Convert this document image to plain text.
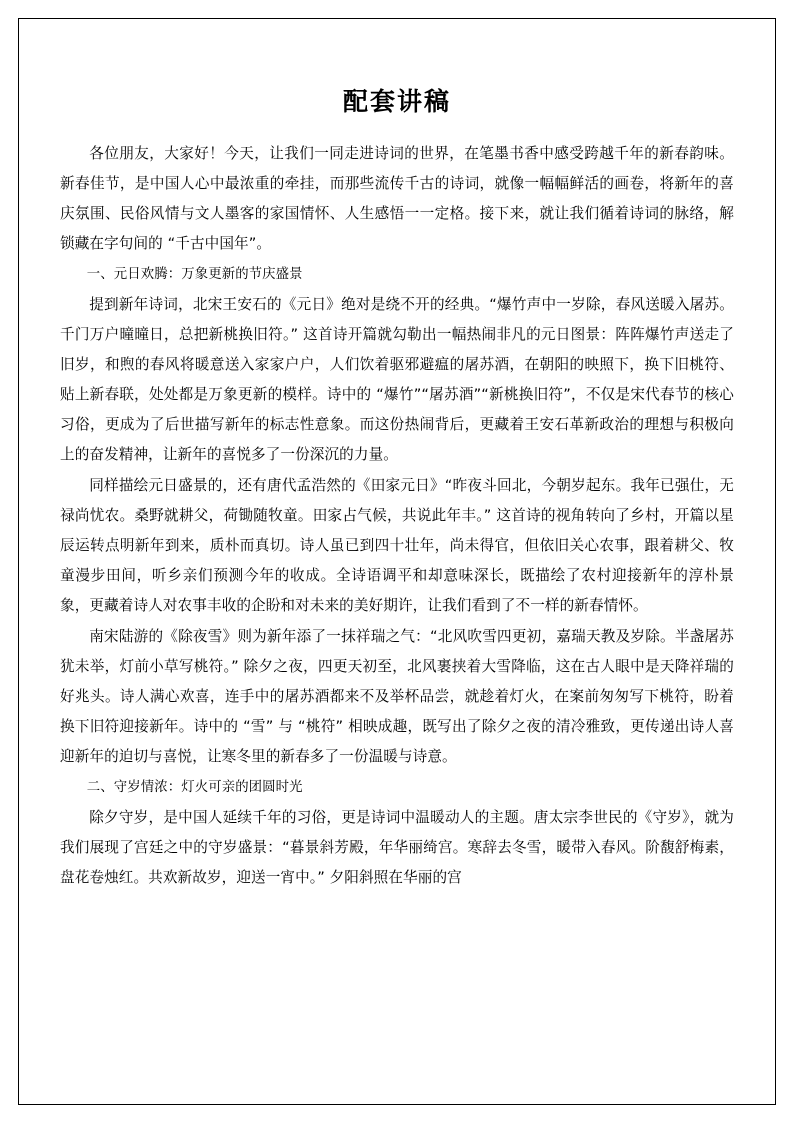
配套讲稿

各位朋友，大家好！今天，让我们一同走进诗词的世界，在笔墨书香中感受跨越千年的新春韵味。新春佳节，是中国人心中最浓重的牵挂，而那些流传千古的诗词，就像一幅幅鲜活的画卷，将新年的喜庆氛围、民俗风情与文人墨客的家国情怀、人生感悟一一定格。接下来，就让我们循着诗词的脉络，解锁藏在字句间的 “千古中国年”。

一、元日欢腾：万象更新的节庆盛景

提到新年诗词，北宋王安石的《元日》绝对是绕不开的经典。“爆竹声中一岁除，春风送暖入屠苏。千门万户曈曈日，总把新桃换旧符。” 这首诗开篇就勾勒出一幅热闹非凡的元日图景：阵阵爆竹声送走了旧岁，和煦的春风将暖意送入家家户户，人们饮着驱邪避瘟的屠苏酒，在朝阳的映照下，换下旧桃符、贴上新春联，处处都是万象更新的模样。诗中的 “爆竹”“屠苏酒”“新桃换旧符”，不仅是宋代春节的核心习俗，更成为了后世描写新年的标志性意象。而这份热闹背后，更藏着王安石革新政治的理想与积极向上的奋发精神，让新年的喜悦多了一份深沉的力量。

同样描绘元日盛景的，还有唐代孟浩然的《田家元日》“昨夜斗回北，今朝岁起东。我年已强仕，无禄尚忧农。桑野就耕父，荷锄随牧童。田家占气候，共说此年丰。” 这首诗的视角转向了乡村，开篇以星辰运转点明新年到来，质朴而真切。诗人虽已到四十壮年，尚未得官，但依旧关心农事，跟着耕父、牧童漫步田间，听乡亲们预测今年的收成。全诗语调平和却意味深长，既描绘了农村迎接新年的淳朴景象，更藏着诗人对农事丰收的企盼和对未来的美好期许，让我们看到了不一样的新春情怀。

南宋陆游的《除夜雪》则为新年添了一抹祥瑞之气：“北风吹雪四更初，嘉瑞天教及岁除。半盏屠苏犹未举，灯前小草写桃符。” 除夕之夜，四更天初至，北风裹挟着大雪降临，这在古人眼中是天降祥瑞的好兆头。诗人满心欢喜，连手中的屠苏酒都来不及举杯品尝，就趁着灯火，在案前匆匆写下桃符，盼着换下旧符迎接新年。诗中的 “雪” 与 “桃符” 相映成趣，既写出了除夕之夜的清冷雅致，更传递出诗人喜迎新年的迫切与喜悦，让寒冬里的新春多了一份温暖与诗意。

二、守岁情浓：灯火可亲的团圆时光

除夕守岁，是中国人延续千年的习俗，更是诗词中温暖动人的主题。唐太宗李世民的《守岁》，就为我们展现了宫廷之中的守岁盛景：“暮景斜芳殿，年华丽绮宫。寒辞去冬雪，暖带入春风。阶馥舒梅素，盘花卷烛红。共欢新故岁，迎送一宵中。” 夕阳斜照在华丽的宫
